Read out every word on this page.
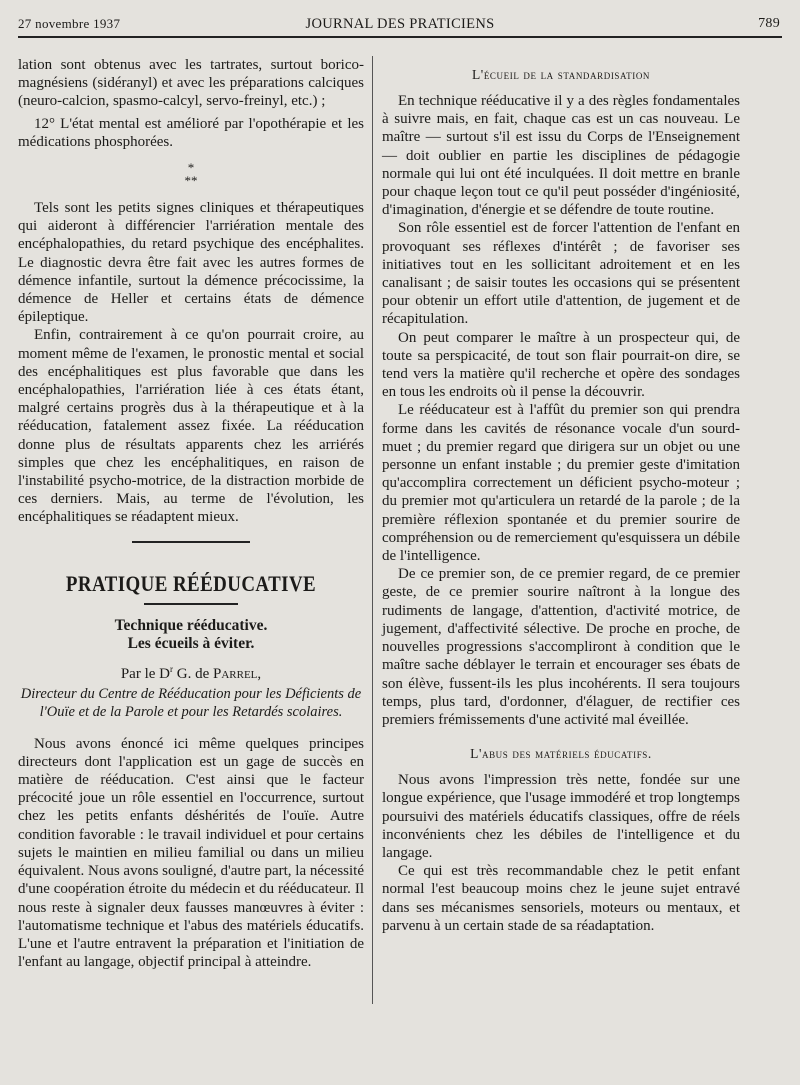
27 novembre 1937	JOURNAL DES PRATICIENS	789

lation sont obtenus avec les tartrates, surtout borico-magnésiens (sidéranyl) et avec les préparations calciques (neuro-calcion, spasmo-calcyl, servo-freinyl, etc.) ;

12° L'état mental est amélioré par l'opothérapie et les médications phosphorées.

*
**

Tels sont les petits signes cliniques et thérapeutiques qui aideront à différencier l'arriération mentale des encéphalopathies, du retard psychique des encéphalites. Le diagnostic devra être fait avec les autres formes de démence infantile, surtout la démence précocissime, la démence de Heller et certains états de démence épileptique.

Enfin, contrairement à ce qu'on pourrait croire, au moment même de l'examen, le pronostic mental et social des encéphalitiques est plus favorable que dans les encéphalopathies, l'arriération liée à ces états étant, malgré certains progrès dus à la thérapeutique et à la rééducation, fatalement assez fixée. La rééducation donne plus de résultats apparents chez les arriérés simples que chez les encéphalitiques, en raison de l'instabilité psycho-motrice, de la distraction morbide de ces derniers. Mais, au terme de l'évolution, les encéphalitiques se réadaptent mieux.

PRATIQUE RÉÉDUCATIVE
Technique rééducative.
Les écueils à éviter.
Par le $D^r$ G. de Parrel,
Directeur du Centre de Rééducation pour les Déficients de l'Ouïe et de la Parole et pour les Retardés scolaires.

Nous avons énoncé ici même quelques principes directeurs dont l'application est un gage de succès en matière de rééducation. C'est ainsi que le facteur précocité joue un rôle essentiel en l'occurrence, surtout chez les petits enfants déshérités de l'ouïe. Autre condition favorable : le travail individuel et pour certains sujets le maintien en milieu familial ou dans un milieu équivalent. Nous avons souligné, d'autre part, la nécessité d'une coopération étroite du médecin et du rééducateur. Il nous reste à signaler deux fausses manœuvres à éviter : l'automatisme technique et l'abus des matériels éducatifs. L'une et l'autre entravent la préparation et l'initiation de l'enfant au langage, objectif principal à atteindre.

L'écueil de la standardisation

En technique rééducative il y a des règles fondamentales à suivre mais, en fait, chaque cas est un cas nouveau. Le maître — surtout s'il est issu du Corps de l'Enseignement — doit oublier en partie les disciplines de pédagogie normale qui lui ont été inculquées. Il doit mettre en branle pour chaque leçon tout ce qu'il peut posséder d'ingéniosité, d'imagination, d'énergie et se défendre de toute routine.

Son rôle essentiel est de forcer l'attention de l'enfant en provoquant ses réflexes d'intérêt ; de favoriser ses initiatives tout en les sollicitant adroitement et en les canalisant ; de saisir toutes les occasions qui se présentent pour obtenir un effort utile d'attention, de jugement et de récapitulation.

On peut comparer le maître à un prospecteur qui, de toute sa perspicacité, de tout son flair pourrait-on dire, se tend vers la matière qu'il recherche et opère des sondages en tous les endroits où il pense la découvrir.

Le rééducateur est à l'affût du premier son qui prendra forme dans les cavités de résonance vocale d'un sourd-muet ; du premier regard que dirigera sur un objet ou une personne un enfant instable ; du premier geste d'imitation qu'accomplira correctement un déficient psycho-moteur ; du premier mot qu'articulera un retardé de la parole ; de la première réflexion spontanée et du premier sourire de compréhension ou de remerciement qu'esquissera un débile de l'intelligence.

De ce premier son, de ce premier regard, de ce premier geste, de ce premier sourire naîtront à la longue des rudiments de langage, d'attention, d'activité motrice, de jugement, d'affectivité sélective. De proche en proche, de nouvelles progressions s'accompliront à condition que le maître sache déblayer le terrain et encourager ses ébats de son élève, fussent-ils les plus incohérents. Il sera toujours temps, plus tard, d'ordonner, d'élaguer, de rectifier ces premiers frémissements d'une activité mal éveillée.

L'abus des matériels éducatifs.

Nous avons l'impression très nette, fondée sur une longue expérience, que l'usage immodéré et trop longtemps poursuivi des matériels éducatifs classiques, offre de réels inconvénients chez les débiles de l'intelligence et du langage.

Ce qui est très recommandable chez le petit enfant normal l'est beaucoup moins chez le jeune sujet entravé dans ses mécanismes sensoriels, moteurs ou mentaux, et parvenu à un certain stade de sa réadaptation.
